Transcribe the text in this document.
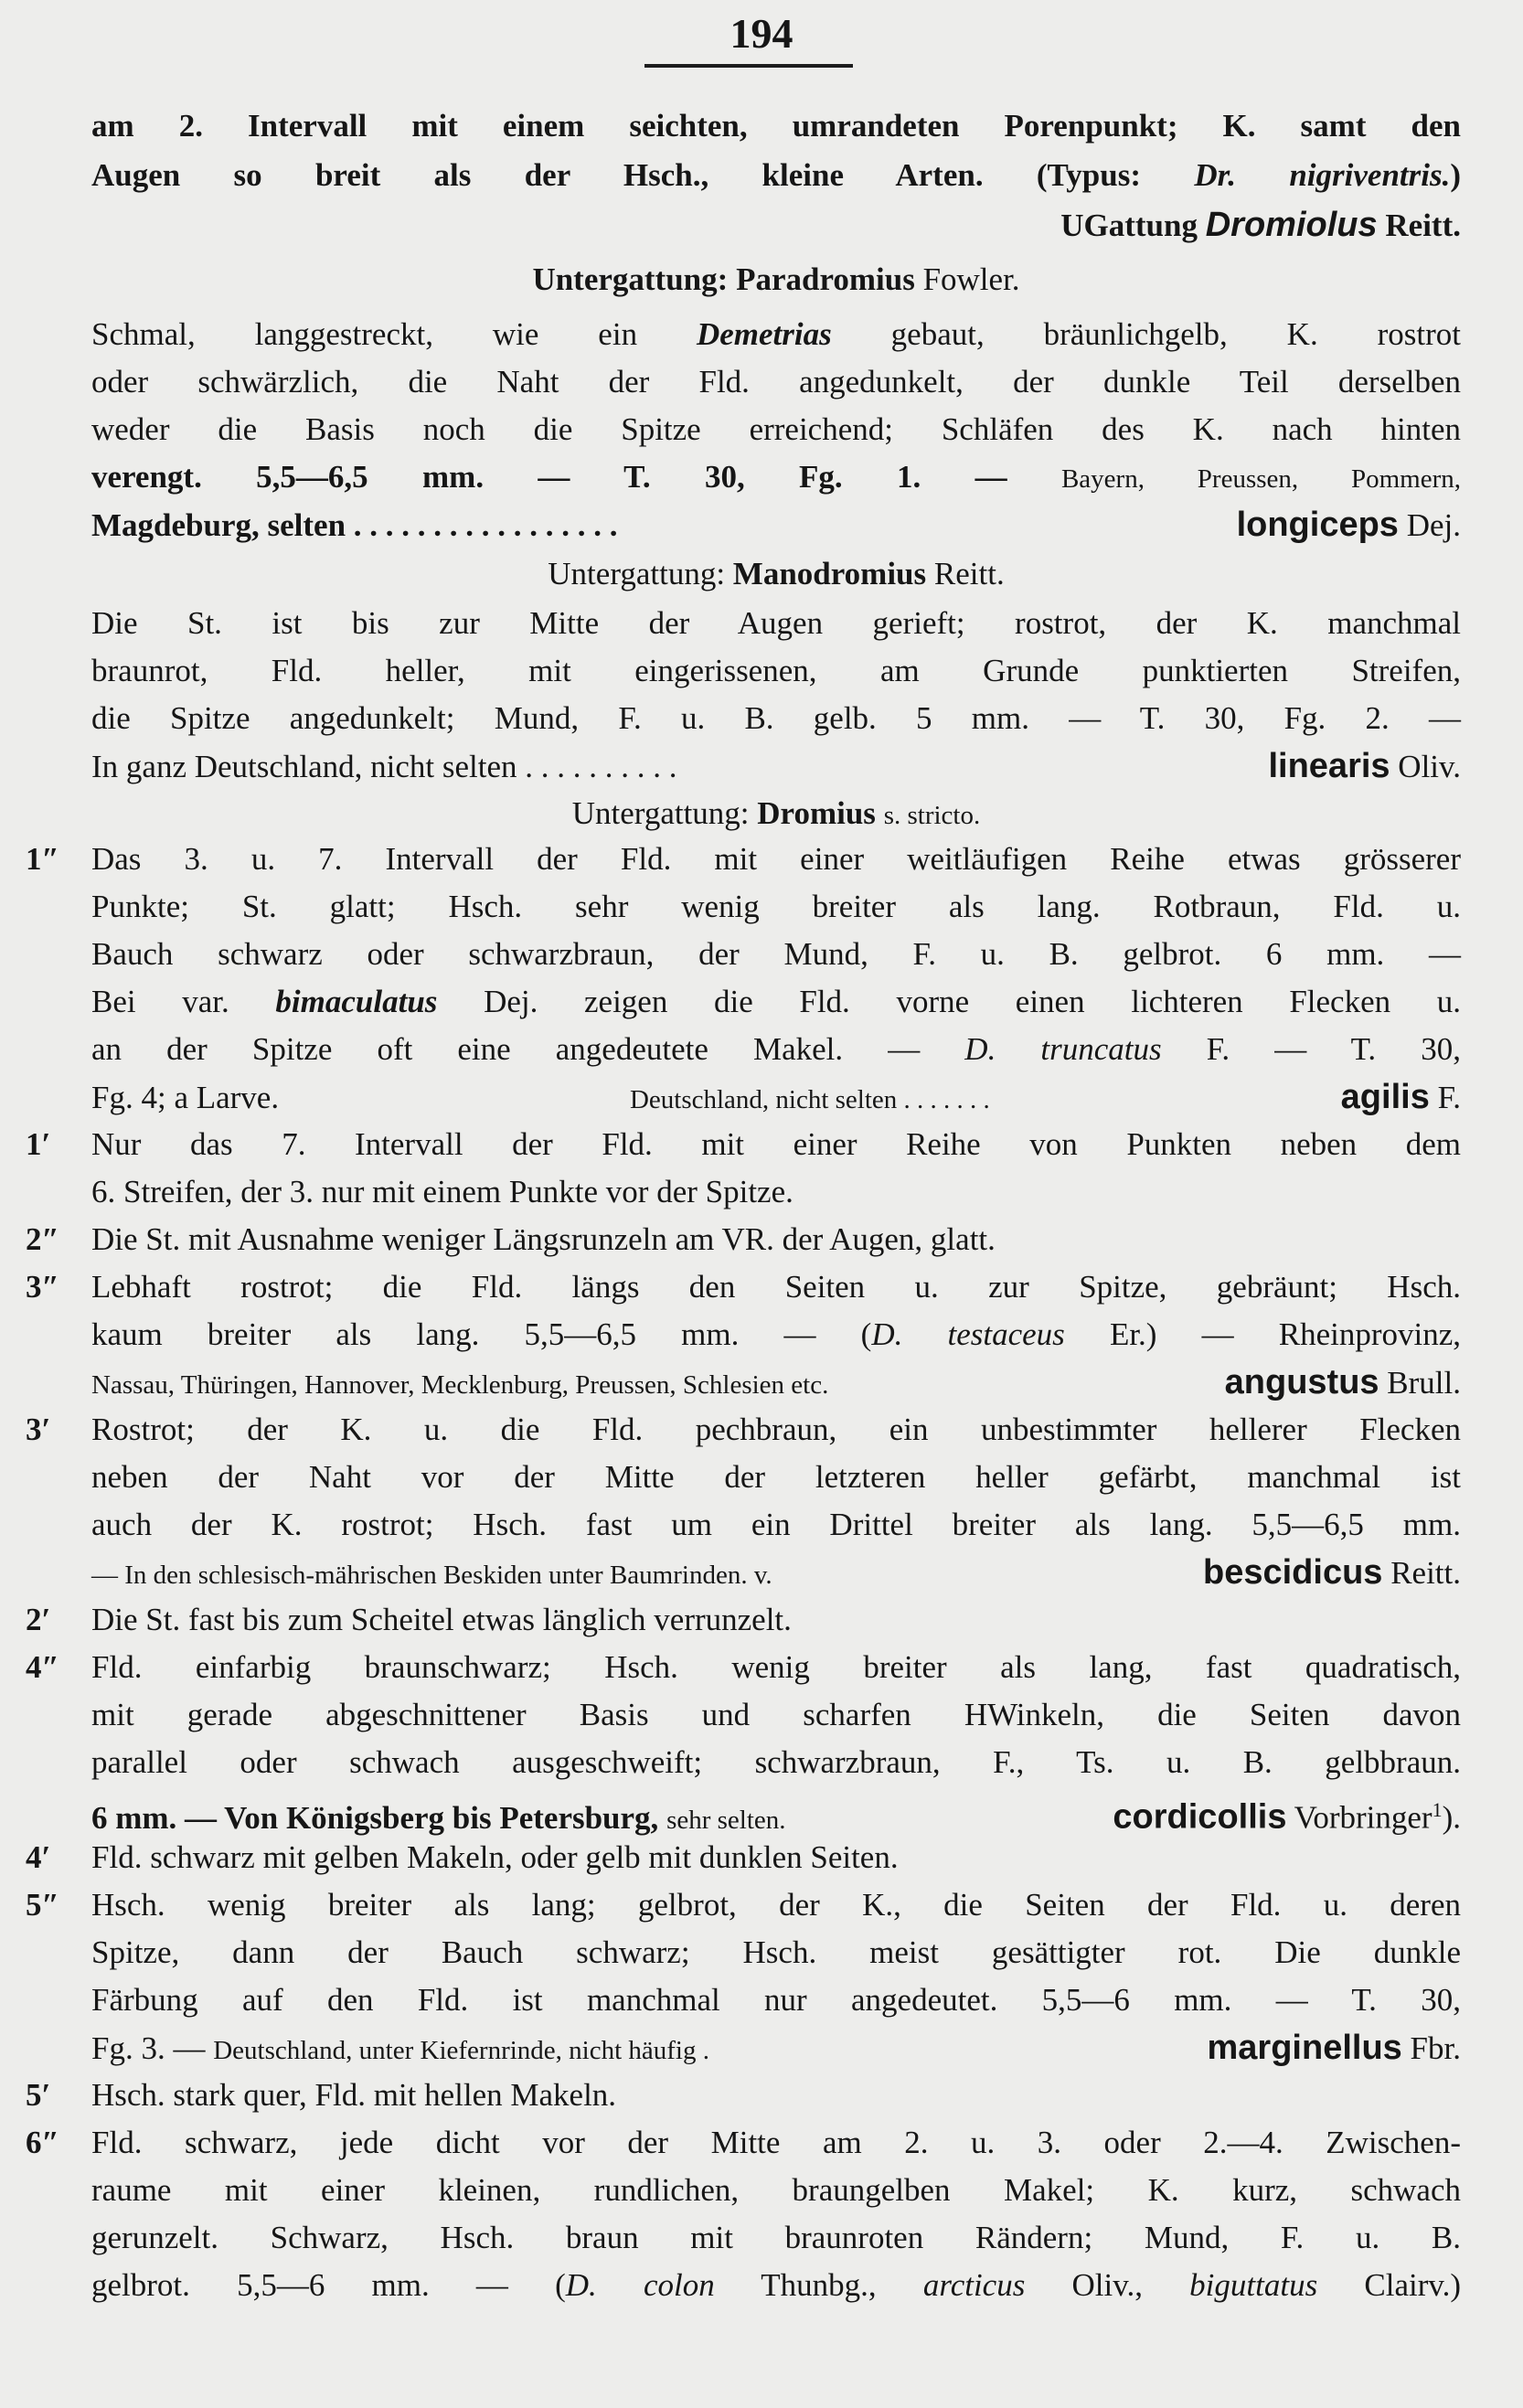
194
am 2. Intervall mit einem seichten, umrandeten Porenpunkt; K. samt den
Augen so breit als der Hsch., kleine Arten. (Typus: Dr. nigriventris.)
UGattung Dromiolus Reitt.
Untergattung: Paradromius Fowler.
Schmal, langgestreckt, wie ein Demetrias gebaut, bräunlichgelb, K. rostrot
oder schwärzlich, die Naht der Fld. angedunkelt, der dunkle Teil derselben
weder die Basis noch die Spitze erreichend; Schläfen des K. nach hinten
verengt. 5,5—6,5 mm. — T. 30, Fg. 1. — Bayern, Preussen, Pommern,
Magdeburg, selten . . . . . . . . . . . . . . . . .	longiceps Dej.
Untergattung: Manodromius Reitt.
Die St. ist bis zur Mitte der Augen gerieft; rostrot, der K. manchmal
braunrot, Fld. heller, mit eingerissenen, am Grunde punktierten Streifen,
die Spitze angedunkelt; Mund, F. u. B. gelb. 5 mm. — T. 30, Fg. 2. —
In ganz Deutschland, nicht selten . . . . . . . . . .	linearis Oliv.
Untergattung: Dromius s. stricto.
1″	Das 3. u. 7. Intervall der Fld. mit einer weitläufigen Reihe etwas grösserer
Punkte; St. glatt; Hsch. sehr wenig breiter als lang. Rotbraun, Fld. u.
Bauch schwarz oder schwarzbraun, der Mund, F. u. B. gelbrot. 6 mm. —
Bei var. bimaculatus Dej. zeigen die Fld. vorne einen lichteren Flecken u.
an der Spitze oft eine angedeutete Makel. — D. truncatus F. — T. 30,
Fg. 4; a Larve.	Deutschland, nicht selten . . . . . . .	agilis F.
1′	Nur das 7. Intervall der Fld. mit einer Reihe von Punkten neben dem
6. Streifen, der 3. nur mit einem Punkte vor der Spitze.
2″	Die St. mit Ausnahme weniger Längsrunzeln am VR. der Augen, glatt.
3″	Lebhaft rostrot; die Fld. längs den Seiten u. zur Spitze, gebräunt; Hsch.
kaum breiter als lang. 5,5—6,5 mm. — (D. testaceus Er.) — Rheinprovinz,
Nassau, Thüringen, Hannover, Mecklenburg, Preussen, Schlesien etc.	angustus Brull.
3′	Rostrot; der K. u. die Fld. pechbraun, ein unbestimmter hellerer Flecken
neben der Naht vor der Mitte der letzteren heller gefärbt, manchmal ist
auch der K. rostrot; Hsch. fast um ein Drittel breiter als lang. 5,5—6,5 mm.
— In den schlesisch-mährischen Beskiden unter Baumrinden. v.	bescidicus Reitt.
2′	Die St. fast bis zum Scheitel etwas länglich verrunzelt.
4″	Fld. einfarbig braunschwarz; Hsch. wenig breiter als lang, fast quadratisch,
mit gerade abgeschnittener Basis und scharfen HWinkeln, die Seiten davon
parallel oder schwach ausgeschweift; schwarzbraun, F., Ts. u. B. gelbbraun.
6 mm. — Von Königsberg bis Petersburg, sehr selten.	cordicollis Vorbringer$^1$).
4′	Fld. schwarz mit gelben Makeln, oder gelb mit dunklen Seiten.
5″	Hsch. wenig breiter als lang; gelbrot, der K., die Seiten der Fld. u. deren
Spitze, dann der Bauch schwarz; Hsch. meist gesättigter rot. Die dunkle
Färbung auf den Fld. ist manchmal nur angedeutet. 5,5—6 mm. — T. 30,
Fg. 3. — Deutschland, unter Kiefernrinde, nicht häufig .	marginellus Fbr.
5′	Hsch. stark quer, Fld. mit hellen Makeln.
6″	Fld. schwarz, jede dicht vor der Mitte am 2. u. 3. oder 2.—4. Zwischen-
raume mit einer kleinen, rundlichen, braungelben Makel; K. kurz, schwach
gerunzelt. Schwarz, Hsch. braun mit braunroten Rändern; Mund, F. u. B.
gelbrot. 5,5—6 mm. — (D. colon Thunbg., arcticus Oliv., biguttatus Clairv.)
